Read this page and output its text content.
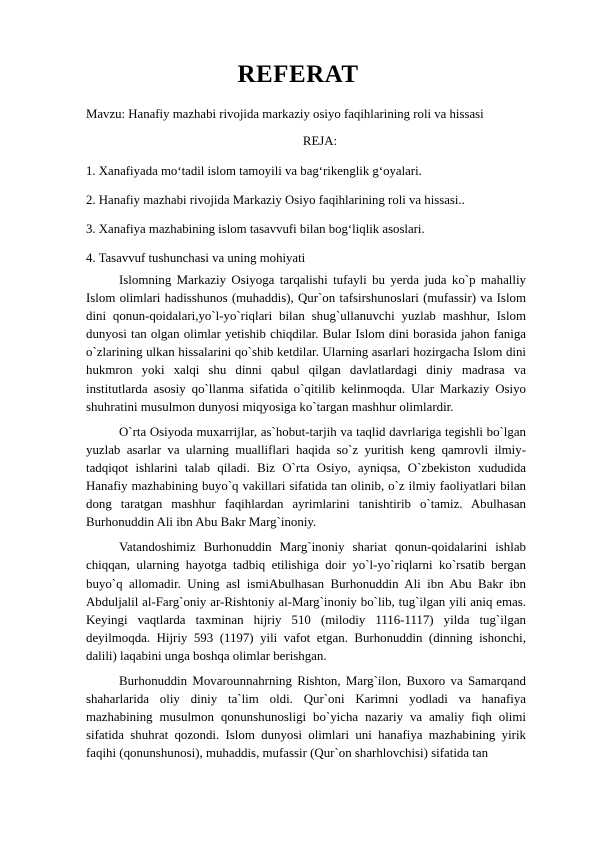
REFERAT
Mavzu: Hanafiy mazhabi rivojida markaziy osiyo faqihlarining roli va hissasi
REJA:
1. Xanafiyada mo‘tadil islom tamoyili va bag‘rikenglik g‘oyalari.
2. Hanafiy mazhabi rivojida Markaziy Osiyo faqihlarining roli va hissasi..
3. Xanafiya mazhabining islom tasavvufi bilan bog‘liqlik asoslari.
4. Tasavvuf tushunchasi va uning mohiyati

Islomning Markaziy Osiyoga tarqalishi tufayli bu yerda juda ko`p mahalliy Islom olimlari hadisshunos (muhaddis), Qur`on tafsirshunoslari (mufassir) va Islom dini qonun-qoidalari,yo`l-yo`riqlari bilan shug`ullanuvchi yuzlab mashhur, Islom dunyosi tan olgan olimlar yetishib chiqdilar. Bular Islom dini borasida jahon faniga o`zlarining ulkan hissalarini qo`shib ketdilar. Ularning asarlari hozirgacha Islom dini hukmron yoki xalqi shu dinni qabul qilgan davlatlardagi diniy madrasa va institutlarda asosiy qo`llanma sifatida o`qitilib kelinmoqda. Ular Markaziy Osiyo shuhratini musulmon dunyosi miqyosiga ko`targan mashhur olimlardir.

O`rta Osiyoda muxarrijlar, as`hobut-tarjih va taqlid davrlariga tegishli bo`lgan yuzlab asarlar va ularning mualliflari haqida so`z yuritish keng qamrovli ilmiy-tadqiqot ishlarini talab qiladi. Biz O`rta Osiyo, ayniqsa, O`zbekiston xududida Hanafiy mazhabining buyo`q vakillari sifatida tan olinib, o`z ilmiy faoliyatlari bilan dong taratgan mashhur faqihlardan ayrimlarini tanishtirib o`tamiz. Abulhasan Burhonuddin Ali ibn Abu Bakr Marg`inoniy.

Vatandoshimiz Burhonuddin Marg`inoniy shariat qonun-qoidalarini ishlab chiqqan, ularning hayotga tadbiq etilishiga doir yo`l-yo`riqlarni ko`rsatib bergan buyo`q allomadir. Uning asl ismiAbulhasan Burhonuddin Ali ibn Abu Bakr ibn Abduljalil al-Farg`oniy ar-Rishtoniy al-Marg`inoniy bo`lib, tug`ilgan yili aniq emas. Keyingi vaqtlarda taxminan hijriy 510 (milodiy 1116-1117) yilda tug`ilgan deyilmoqda. Hijriy 593 (1197) yili vafot etgan. Burhonuddin (dinning ishonchi, dalili) laqabini unga boshqa olimlar berishgan.

Burhonuddin Movarounnahrning Rishton, Marg`ilon, Buxoro va Samarqand shaharlarida oliy diniy ta`lim oldi. Qur`oni Karimni yodladi va hanafiya mazhabining musulmon qonunshunosligi bo`yicha nazariy va amaliy fiqh olimi sifatida shuhrat qozondi. Islom dunyosi olimlari uni hanafiya mazhabining yirik faqihi (qonunshunosi), muhaddis, mufassir (Qur`on sharhlovchisi) sifatida tan
